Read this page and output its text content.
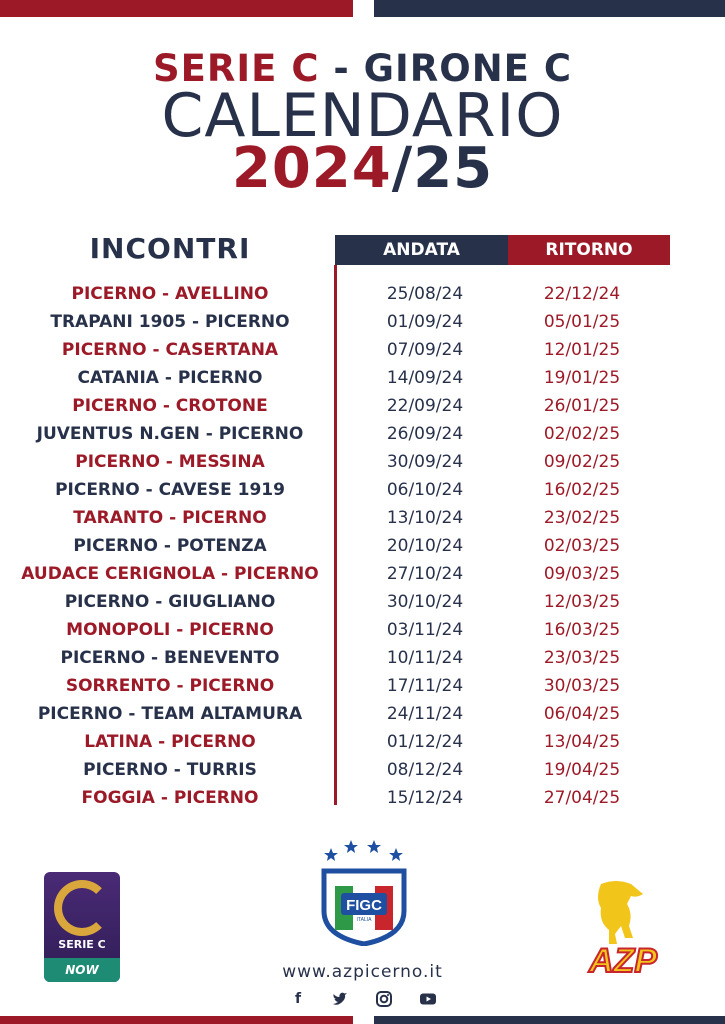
SERIE C - GIRONE C
CALENDARIO
2024/25
INCONTRI	ANDATA	RITORNO
PICERNO - AVELLINO	25/08/24	22/12/24
TRAPANI 1905 - PICERNO	01/09/24	05/01/25
PICERNO - CASERTANA	07/09/24	12/01/25
CATANIA - PICERNO	14/09/24	19/01/25
PICERNO - CROTONE	22/09/24	26/01/25
JUVENTUS N.GEN - PICERNO	26/09/24	02/02/25
PICERNO - MESSINA	30/09/24	09/02/25
PICERNO - CAVESE 1919	06/10/24	16/02/25
TARANTO - PICERNO	13/10/24	23/02/25
PICERNO - POTENZA	20/10/24	02/03/25
AUDACE CERIGNOLA - PICERNO	27/10/24	09/03/25
PICERNO - GIUGLIANO	30/10/24	12/03/25
MONOPOLI - PICERNO	03/11/24	16/03/25
PICERNO - BENEVENTO	10/11/24	23/03/25
SORRENTO - PICERNO	17/11/24	30/03/25
PICERNO - TEAM ALTAMURA	24/11/24	06/04/25
LATINA - PICERNO	01/12/24	13/04/25
PICERNO - TURRIS	08/12/24	19/04/25
FOGGIA - PICERNO	15/12/24	27/04/25
SERIE C
NOW
FIGC
ITALIA
www.azpicerno.it
f
AZP
